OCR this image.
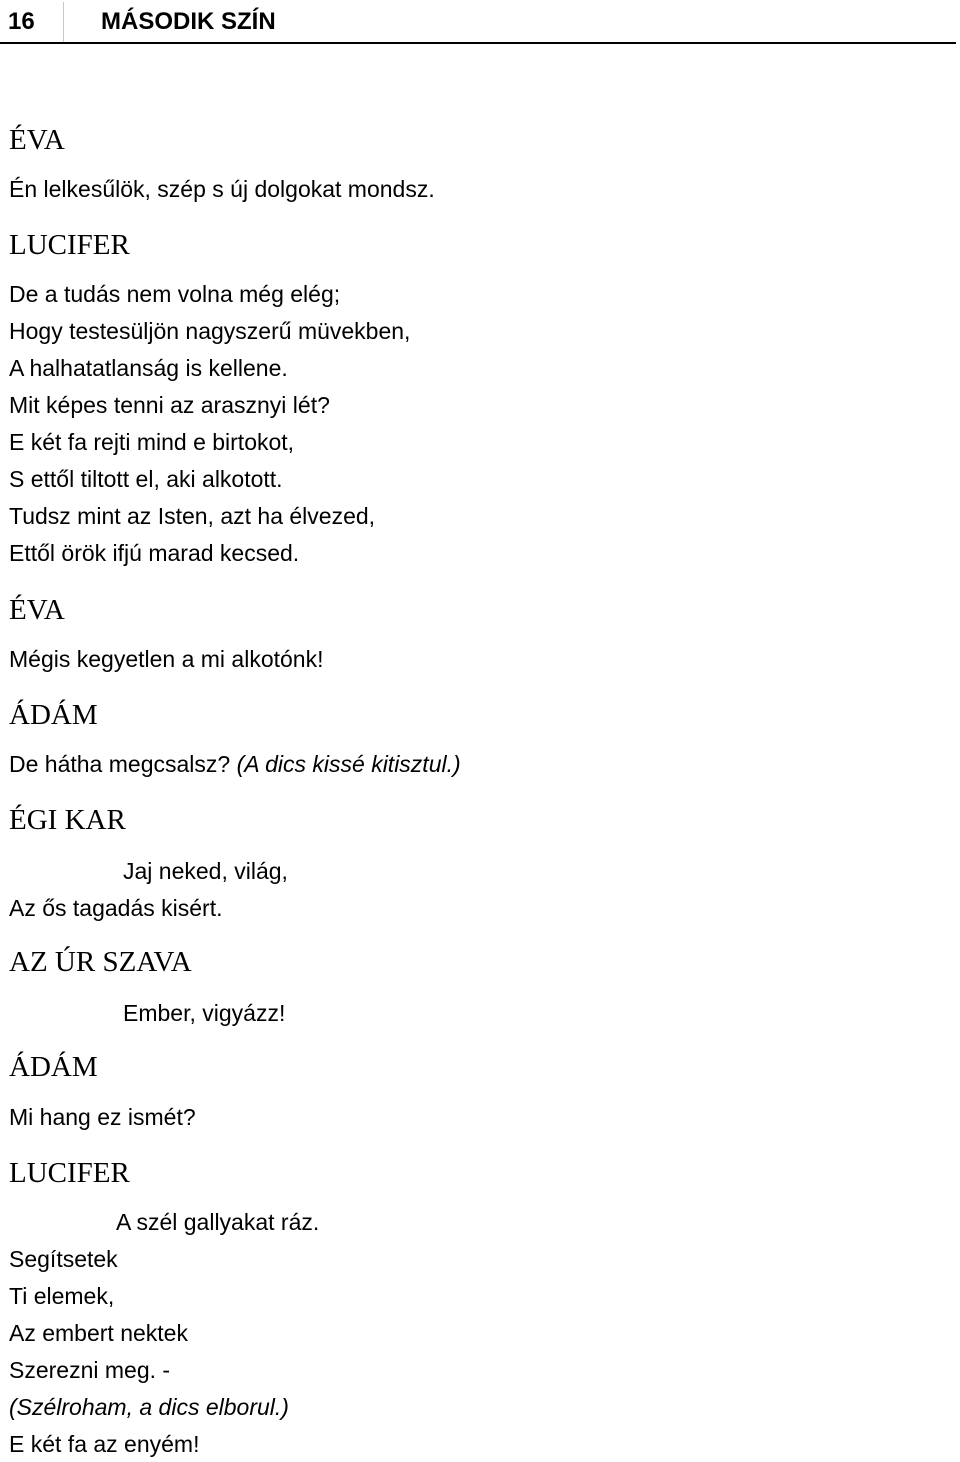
16	MÁSODIK SZÍN
ÉVA
Én lelkesűlök, szép s új dolgokat mondsz.
LUCIFER
De a tudás nem volna még elég;
Hogy testesüljön nagyszerű müvekben,
A halhatatlanság is kellene.
Mit képes tenni az arasznyi lét?
E két fa rejti mind e birtokot,
S ettől tiltott el, aki alkotott.
Tudsz mint az Isten, azt ha élvezed,
Ettől örök ifjú marad kecsed.
ÉVA
Mégis kegyetlen a mi alkotónk!
ÁDÁM
De hátha megcsalsz? (A dics kissé kitisztul.)
ÉGI KAR
Jaj neked, világ,
Az ős tagadás kisért.
AZ ÚR SZAVA
Ember, vigyázz!
ÁDÁM
Mi hang ez ismét?
LUCIFER
A szél gallyakat ráz.
Segítsetek
Ti elemek,
Az embert nektek
Szerezni meg. -
(Szélroham, a dics elborul.)
E két fa az enyém!
